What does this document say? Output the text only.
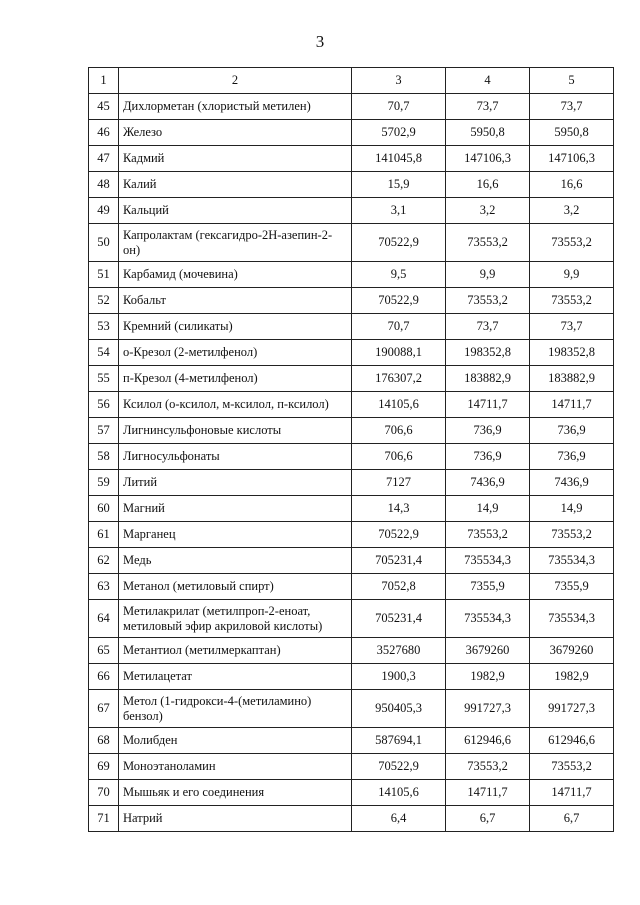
3
1	2	3	4	5
45	Дихлорметан (хлористый метилен)	70,7	73,7	73,7
46	Железо	5702,9	5950,8	5950,8
47	Кадмий	141045,8	147106,3	147106,3
48	Калий	15,9	16,6	16,6
49	Кальций	3,1	3,2	3,2
50	Капролактам (гексагидро-2Н-азепин-2-он)	70522,9	73553,2	73553,2
51	Карбамид (мочевина)	9,5	9,9	9,9
52	Кобальт	70522,9	73553,2	73553,2
53	Кремний (силикаты)	70,7	73,7	73,7
54	о-Крезол (2-метилфенол)	190088,1	198352,8	198352,8
55	п-Крезол (4-метилфенол)	176307,2	183882,9	183882,9
56	Ксилол (о-ксилол, м-ксилол, п-ксилол)	14105,6	14711,7	14711,7
57	Лигнинсульфоновые кислоты	706,6	736,9	736,9
58	Лигносульфонаты	706,6	736,9	736,9
59	Литий	7127	7436,9	7436,9
60	Магний	14,3	14,9	14,9
61	Марганец	70522,9	73553,2	73553,2
62	Медь	705231,4	735534,3	735534,3
63	Метанол (метиловый спирт)	7052,8	7355,9	7355,9
64	Метилакрилат (метилпроп-2-еноат, метиловый эфир акриловой кислоты)	705231,4	735534,3	735534,3
65	Метантиол (метилмеркаптан)	3527680	3679260	3679260
66	Метилацетат	1900,3	1982,9	1982,9
67	Метол (1-гидрокси-4-(метиламино) бензол)	950405,3	991727,3	991727,3
68	Молибден	587694,1	612946,6	612946,6
69	Моноэтаноламин	70522,9	73553,2	73553,2
70	Мышьяк и его соединения	14105,6	14711,7	14711,7
71	Натрий	6,4	6,7	6,7
